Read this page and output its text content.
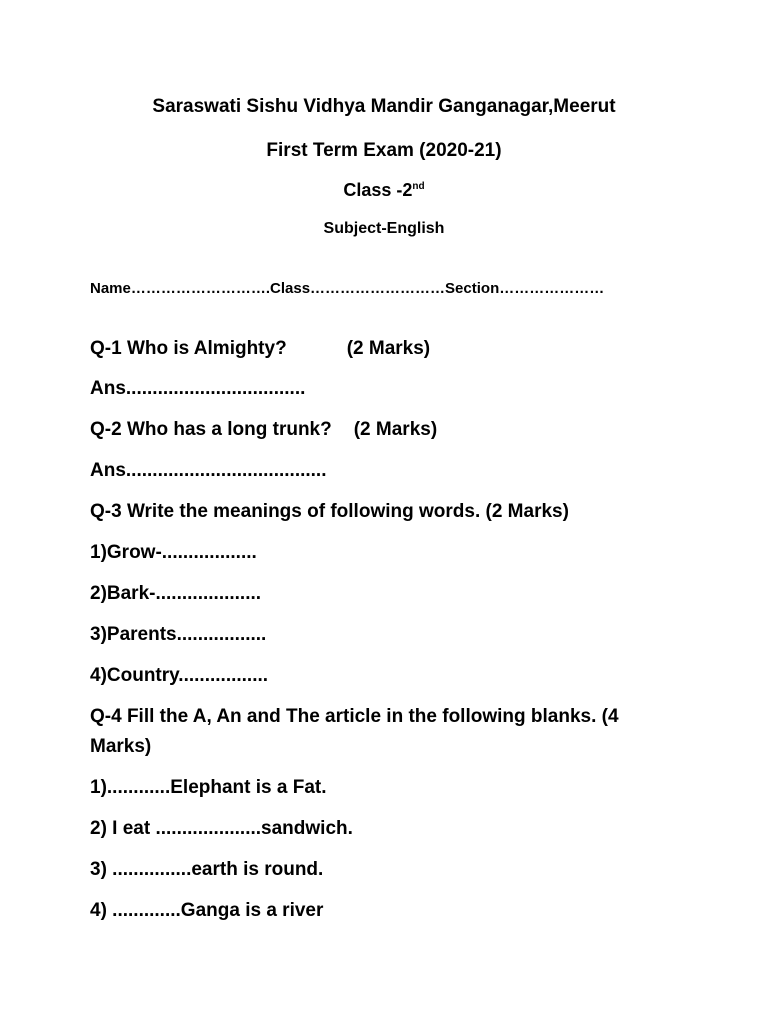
Saraswati Sishu Vidhya Mandir Ganganagar,Meerut
First Term Exam (2020-21)
Class -2nd
Subject-English
Name……………………….Class………………………Section…………………
Q-1 Who is Almighty?	(2 Marks)
Ans..................................
Q-2 Who has a long trunk? (2 Marks)
Ans......................................
Q-3 Write the meanings of following words. (2 Marks)
1)Grow-..................
2)Bark-....................
3)Parents.................
4)Country.................
Q-4 Fill the A, An and The article in the following blanks. (4
Marks)
1)............Elephant is a Fat.
2) I eat ....................sandwich.
3) ...............earth is round.
4) .............Ganga is a river
